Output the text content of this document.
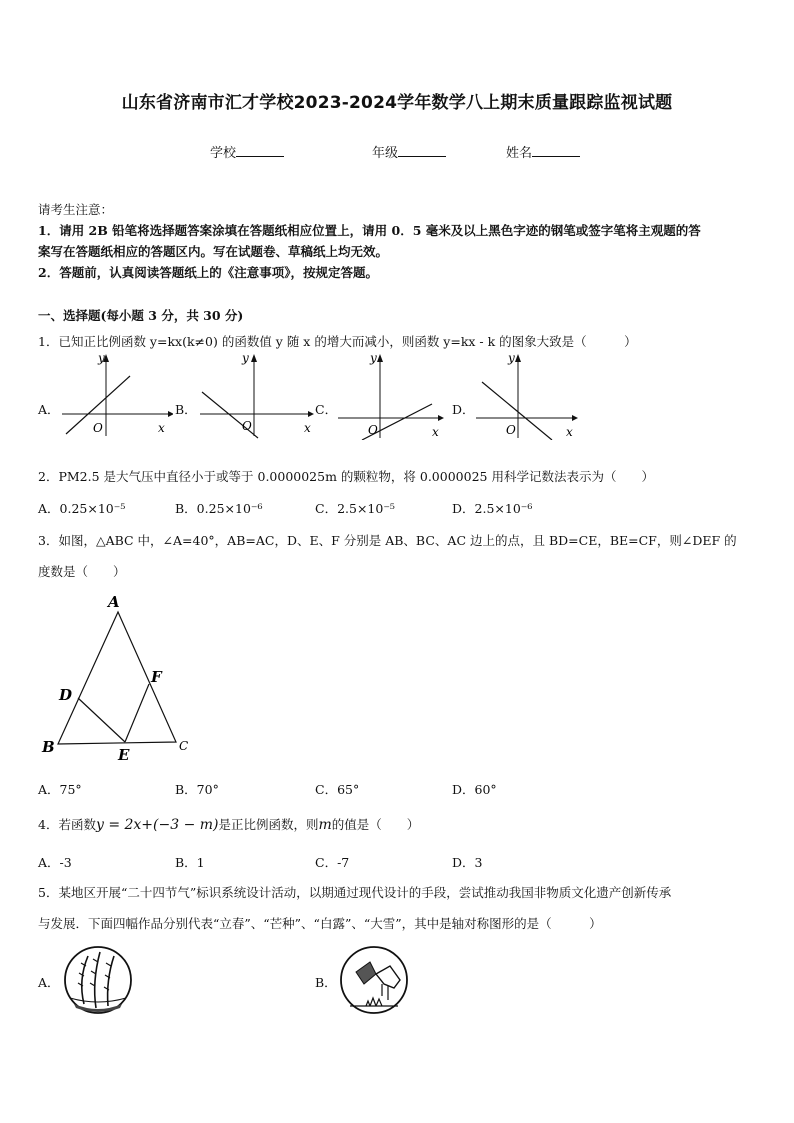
山东省济南市汇才学校2023-2024学年数学八上期末质量跟踪监视试题
学校	年级	姓名
请考生注意：
1．请用 2B 铅笔将选择题答案涂填在答题纸相应位置上，请用 0．5 毫米及以上黑色字迹的钢笔或签字笔将主观题的答
案写在答题纸相应的答题区内。写在试题卷、草稿纸上均无效。
2．答题前，认真阅读答题纸上的《注意事项》，按规定答题。
一、选择题(每小题 3 分，共 30 分)
1．已知正比例函数 y=kx(k≠0) 的函数值 y 随 x 的增大而减小，则函数 y=kx - k 的图象大致是（　　　）
A．
y
x
O
B．
y
x
O
C．
y
x
O
D．
y
x
O
2．PM2.5 是大气压中直径小于或等于 0.0000025m 的颗粒物，将 0.0000025 用科学记数法表示为（　　）
A．0.25×10⁻⁵	B．0.25×10⁻⁶	C．2.5×10⁻⁵	D．2.5×10⁻⁶
3．如图，△ABC 中，∠A=40°，AB=AC，D、E、F 分别是 AB、BC、AC 边上的点，且 BD=CE，BE=CF，则∠DEF 的
度数是（　　）
A
B	C
D
E
F
A．75°	B．70°	C．65°	D．60°
4．若函数y = 2x+(−3 − m)是正比例函数，则m的值是（　　）
A．-3	B．1	C．-7	D．3
5．某地区开展“二十四节气”标识系统设计活动，以期通过现代设计的手段，尝试推动我国非物质文化遗产创新传承
与发展．下面四幅作品分别代表“立春”、“芒种”、“白露”、“大雪”，其中是轴对称图形的是（　　　）
A．	B．
